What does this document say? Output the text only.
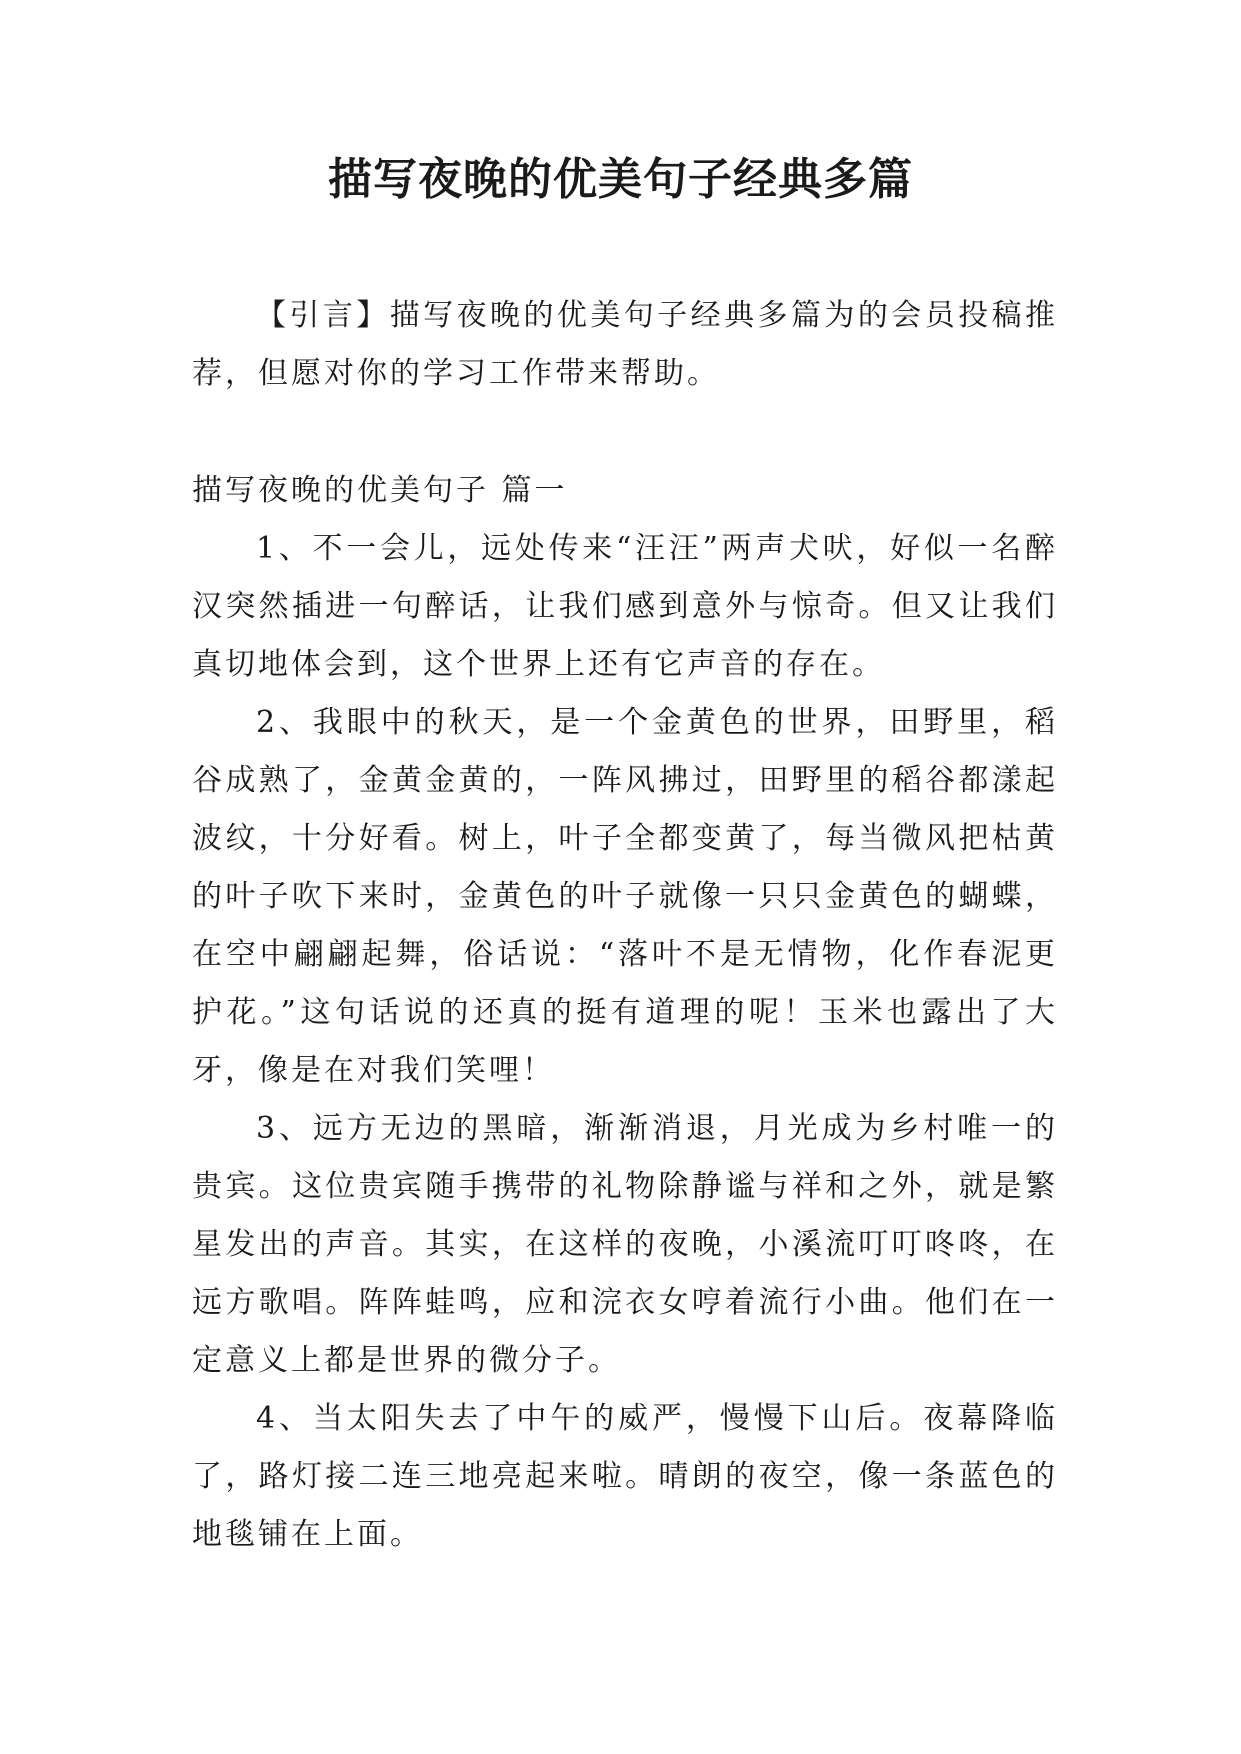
描写夜晚的优美句子经典多篇

【引言】描写夜晚的优美句子经典多篇为的会员投稿推荐，但愿对你的学习工作带来帮助。

描写夜晚的优美句子 篇一

1、不一会儿，远处传来“汪汪”两声犬吠，好似一名醉汉突然插进一句醉话，让我们感到意外与惊奇。但又让我们真切地体会到，这个世界上还有它声音的存在。

2、我眼中的秋天，是一个金黄色的世界，田野里，稻谷成熟了，金黄金黄的，一阵风拂过，田野里的稻谷都漾起波纹，十分好看。树上，叶子全都变黄了，每当微风把枯黄的叶子吹下来时，金黄色的叶子就像一只只金黄色的蝴蝶，在空中翩翩起舞，俗话说：“落叶不是无情物，化作春泥更护花。”这句话说的还真的挺有道理的呢！玉米也露出了大牙，像是在对我们笑哩！

3、远方无边的黑暗，渐渐消退，月光成为乡村唯一的贵宾。这位贵宾随手携带的礼物除静谧与祥和之外，就是繁星发出的声音。其实，在这样的夜晚，小溪流叮叮咚咚，在远方歌唱。阵阵蛙鸣，应和浣衣女哼着流行小曲。他们在一定意义上都是世界的微分子。

4、当太阳失去了中午的威严，慢慢下山后。夜幕降临了，路灯接二连三地亮起来啦。晴朗的夜空，像一条蓝色的地毯铺在上面。
